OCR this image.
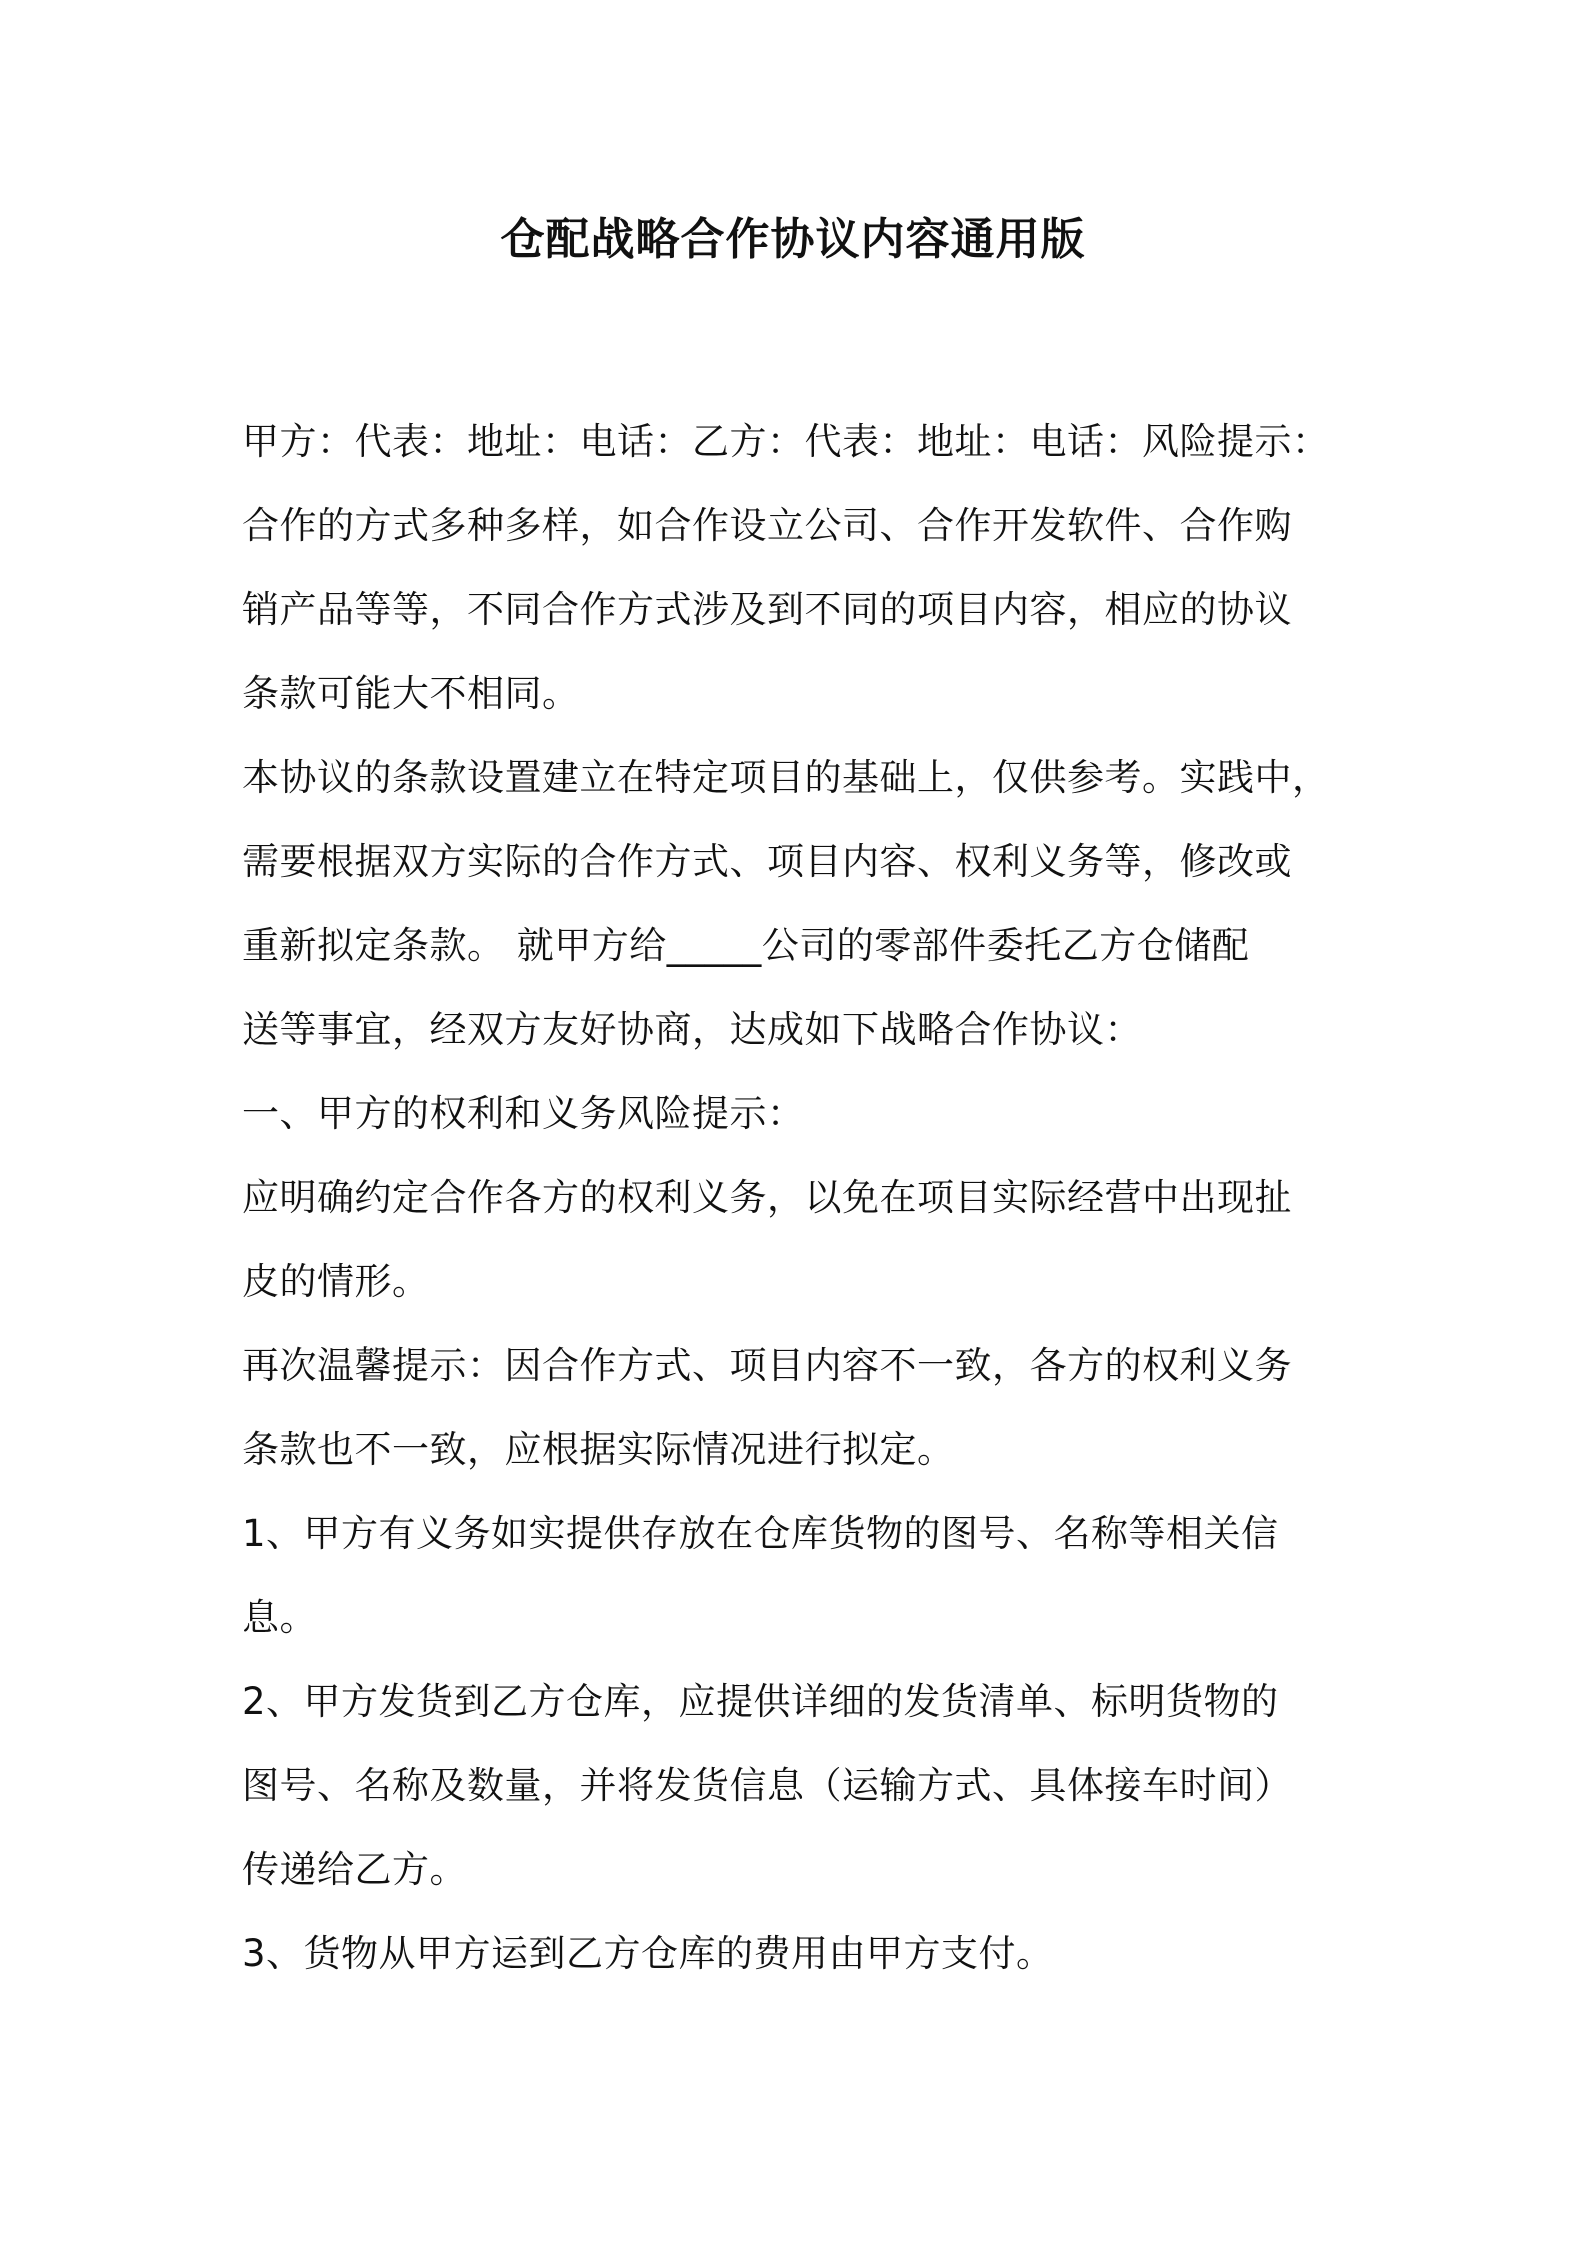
仓配战略合作协议内容通用版
甲方：代表：地址：电话：乙方：代表：地址：电话：风险提示：
合作的方式多种多样，如合作设立公司、合作开发软件、合作购
销产品等等，不同合作方式涉及到不同的项目内容，相应的协议
条款可能大不相同。
本协议的条款设置建立在特定项目的基础上，仅供参考。实践中，
需要根据双方实际的合作方式、项目内容、权利义务等，修改或
重新拟定条款。 就甲方给_____公司的零部件委托乙方仓储配
送等事宜，经双方友好协商，达成如下战略合作协议：
一、甲方的权利和义务风险提示：
应明确约定合作各方的权利义务，以免在项目实际经营中出现扯
皮的情形。
再次温馨提示：因合作方式、项目内容不一致，各方的权利义务
条款也不一致，应根据实际情况进行拟定。
1、甲方有义务如实提供存放在仓库货物的图号、名称等相关信
息。
2、甲方发货到乙方仓库，应提供详细的发货清单、标明货物的
图号、名称及数量，并将发货信息（运输方式、具体接车时间）
传递给乙方。
3、货物从甲方运到乙方仓库的费用由甲方支付。
